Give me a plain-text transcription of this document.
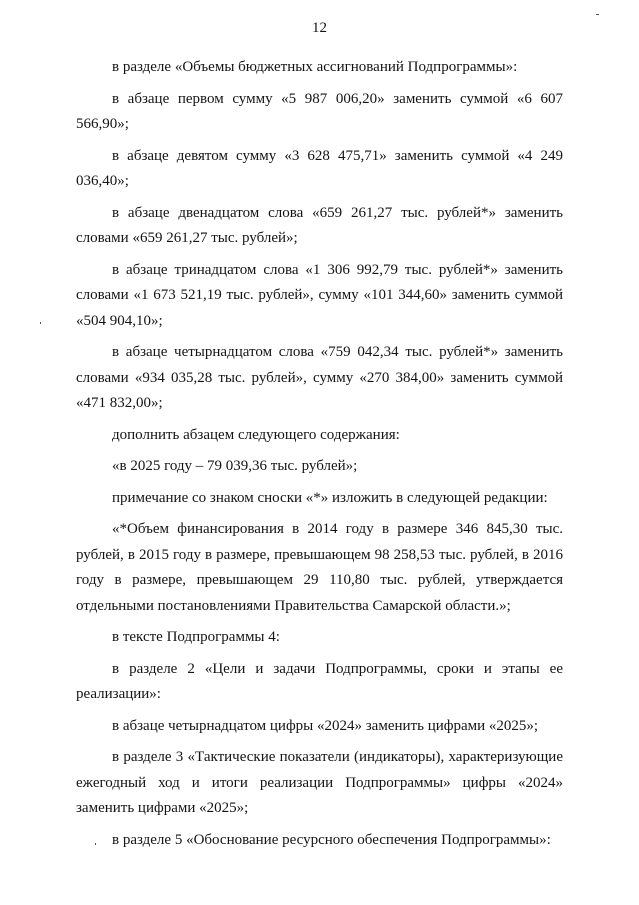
12

в разделе «Объемы бюджетных ассигнований Подпрограммы»:

в абзаце первом сумму «5 987 006,20» заменить суммой «6 607 566,90»;

в абзаце девятом сумму «3 628 475,71» заменить суммой «4 249 036,40»;

в абзаце двенадцатом слова «659 261,27 тыс. рублей*» заменить словами «659 261,27 тыс. рублей»;

в абзаце тринадцатом слова «1 306 992,79 тыс. рублей*» заменить словами «1 673 521,19 тыс. рублей», сумму «101 344,60» заменить суммой «504 904,10»;

в абзаце четырнадцатом слова «759 042,34 тыс. рублей*» заменить словами «934 035,28 тыс. рублей», сумму «270 384,00» заменить суммой «471 832,00»;

дополнить абзацем следующего содержания:

«в 2025 году – 79 039,36 тыс. рублей»;

примечание со знаком сноски «*» изложить в следующей редакции:

«*Объем финансирования в 2014 году в размере 346 845,30 тыс. рублей, в 2015 году в размере, превышающем 98 258,53 тыс. рублей, в 2016 году в размере, превышающем 29 110,80 тыс. рублей, утверждается отдельными постановлениями Правительства Самарской области.»;

в тексте Подпрограммы 4:

в разделе 2 «Цели и задачи Подпрограммы, сроки и этапы ее реализации»:

в абзаце четырнадцатом цифры «2024» заменить цифрами «2025»;

в разделе 3 «Тактические показатели (индикаторы), характеризующие ежегодный ход и итоги реализации Подпрограммы» цифры «2024» заменить цифрами «2025»;

в разделе 5 «Обоснование ресурсного обеспечения Подпрограммы»:
